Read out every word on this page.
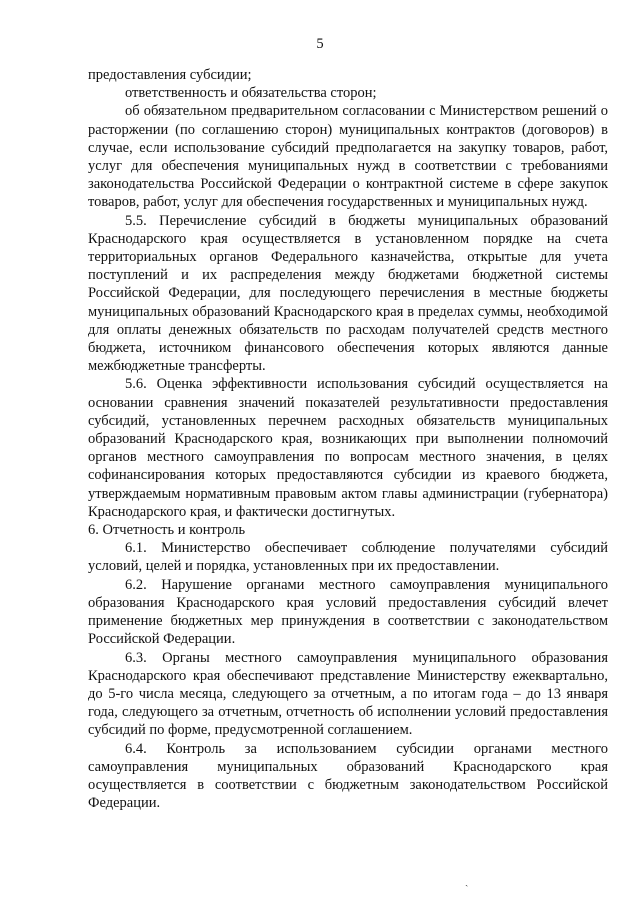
5

предоставления субсидии;

ответственность и обязательства сторон;

об обязательном предварительном согласовании с Министерством решений о расторжении (по соглашению сторон) муниципальных контрактов (договоров) в случае, если использование субсидий предполагается на закупку товаров, работ, услуг для обеспечения муниципальных нужд в соответствии с требованиями законодательства Российской Федерации о контрактной системе в сфере закупок товаров, работ, услуг для обеспечения государственных и муниципальных нужд.

5.5. Перечисление субсидий в бюджеты муниципальных образований Краснодарского края осуществляется в установленном порядке на счета территориальных органов Федерального казначейства, открытые для учета поступлений и их распределения между бюджетами бюджетной системы Российской Федерации, для последующего перечисления в местные бюджеты муниципальных образований Краснодарского края в пределах суммы, необходимой для оплаты денежных обязательств по расходам получателей средств местного бюджета, источником финансового обеспечения которых являются данные межбюджетные трансферты.

5.6. Оценка эффективности использования субсидий осуществляется на основании сравнения значений показателей результативности предоставления субсидий, установленных перечнем расходных обязательств муниципальных образований Краснодарского края, возникающих при выполнении полномочий органов местного самоуправления по вопросам местного значения, в целях софинансирования которых предоставляются субсидии из краевого бюджета, утверждаемым нормативным правовым актом главы администрации (губернатора) Краснодарского края, и фактически достигнутых.

6. Отчетность и контроль

6.1. Министерство обеспечивает соблюдение получателями субсидий условий, целей и порядка, установленных при их предоставлении.

6.2. Нарушение органами местного самоуправления муниципального образования Краснодарского края условий предоставления субсидий влечет применение бюджетных мер принуждения в соответствии с законодательством Российской Федерации.

6.3. Органы местного самоуправления муниципального образования Краснодарского края обеспечивают представление Министерству ежеквартально, до 5-го числа месяца, следующего за отчетным, а по итогам года – до 13 января года, следующего за отчетным, отчетность об исполнении условий предоставления субсидий по форме, предусмотренной соглашением.

6.4. Контроль за использованием субсидии органами местного самоуправления муниципальных образований Краснодарского края осуществляется в соответствии с бюджетным законодательством Российской Федерации.

ˏ
